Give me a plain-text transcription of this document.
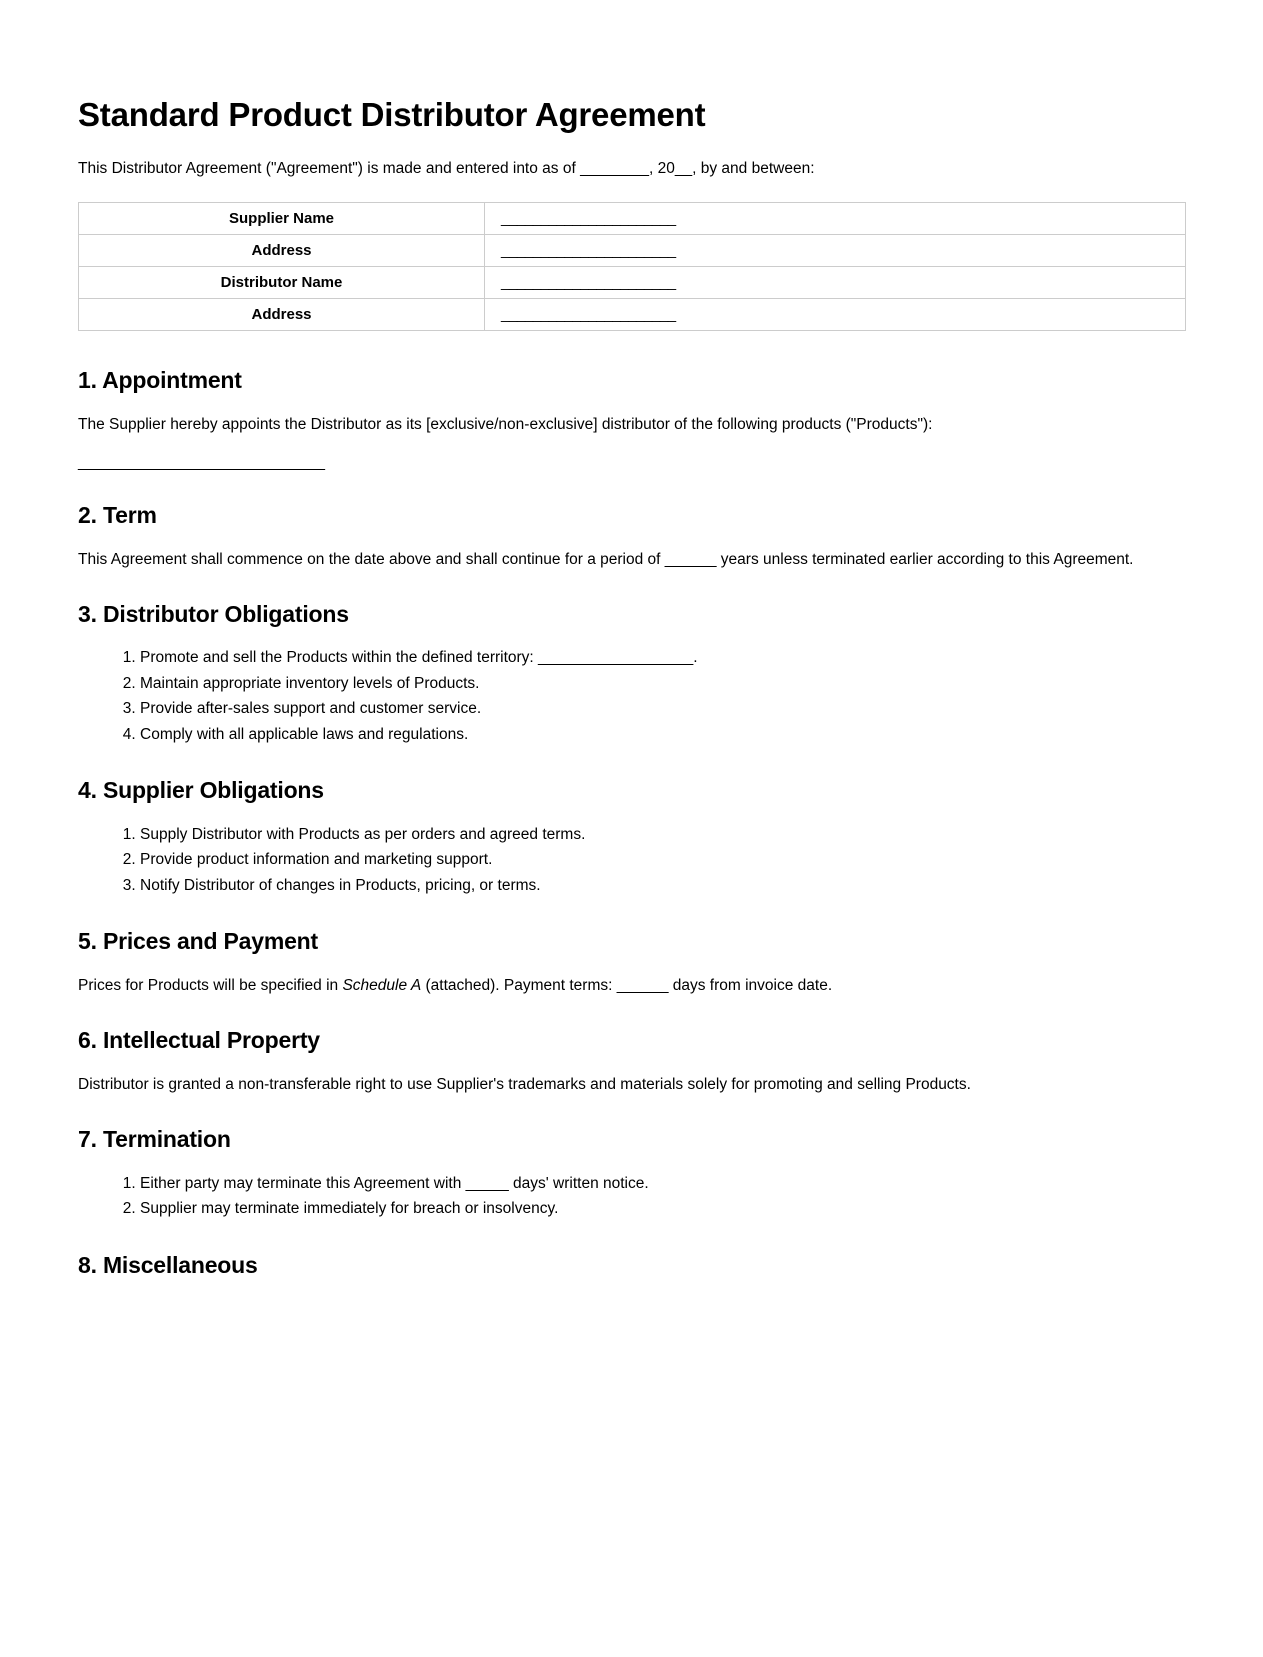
Standard Product Distributor Agreement

This Distributor Agreement ("Agreement") is made and entered into as of ________, 20__, by and between:

Supplier Name	______________________
Address	______________________
Distributor Name	______________________
Address	______________________
1. Appointment

The Supplier hereby appoints the Distributor as its [exclusive/non-exclusive] distributor of the following products ("Products"):

______________________________
2. Term

This Agreement shall commence on the date above and shall continue for a period of ______ years unless terminated earlier according to this Agreement.

3. Distributor Obligations
1. Promote and sell the Products within the defined territory: __________________.
2. Maintain appropriate inventory levels of Products.
3. Provide after-sales support and customer service.
4. Comply with all applicable laws and regulations.
4. Supplier Obligations
1. Supply Distributor with Products as per orders and agreed terms.
2. Provide product information and marketing support.
3. Notify Distributor of changes in Products, pricing, or terms.
5. Prices and Payment

Prices for Products will be specified in Schedule A (attached). Payment terms: ______ days from invoice date.

6. Intellectual Property

Distributor is granted a non-transferable right to use Supplier's trademarks and materials solely for promoting and selling Products.

7. Termination
1. Either party may terminate this Agreement with _____ days' written notice.
2. Supplier may terminate immediately for breach or insolvency.
8. Miscellaneous
